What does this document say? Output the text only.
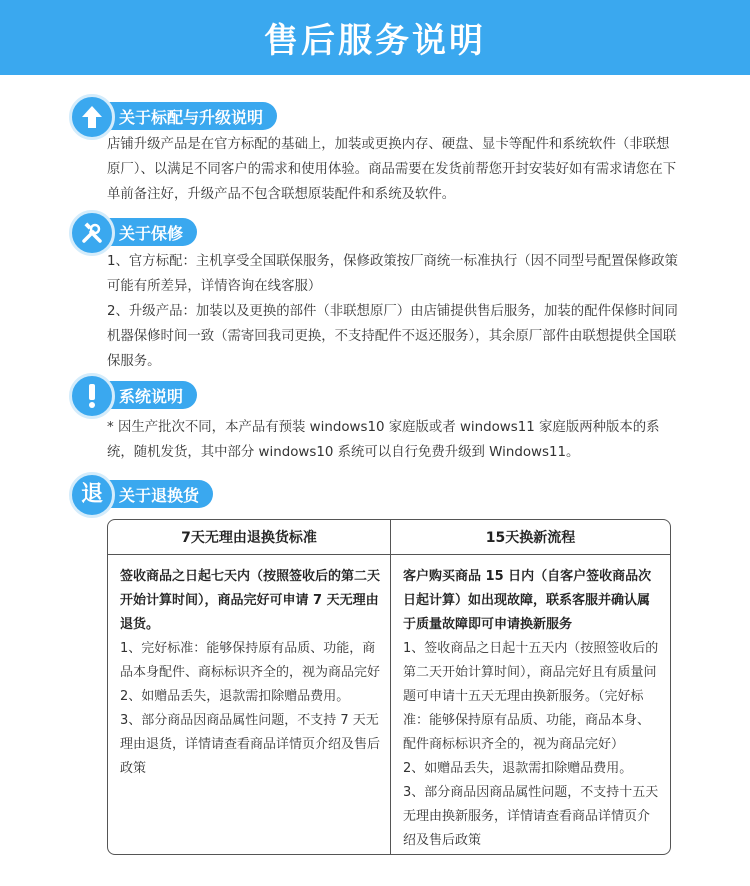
售后服务说明
关于标配与升级说明

店铺升级产品是在官方标配的基础上，加装或更换内存、硬盘、显卡等配件和系统软件（非联想原厂）、以满足不同客户的需求和使用体验。商品需要在发货前帮您开封安装好如有需求请您在下单前备注好，升级产品不包含联想原装配件和系统及软件。

关于保修

1、官方标配：主机享受全国联保服务，保修政策按厂商统一标准执行（因不同型号配置保修政策可能有所差异，详情咨询在线客服）

2、升级产品：加装以及更换的部件（非联想原厂）由店铺提供售后服务，加装的配件保修时间同机器保修时间一致（需寄回我司更换，不支持配件不返还服务），其余原厂部件由联想提供全国联保服务。

系统说明

* 因生产批次不同，本产品有预装 windows10 家庭版或者 windows11 家庭版两种版本的系统，随机发货，其中部分 windows10 系统可以自行免费升级到 Windows11。

退	关于退换货
7天无理由退换货标准

签收商品之日起七天内（按照签收后的第二天开始计算时间），商品完好可申请 7 天无理由退货。

1、完好标准：能够保持原有品质、功能，商品本身配件、商标标识齐全的，视为商品完好

2、如赠品丢失，退款需扣除赠品费用。

3、部分商品因商品属性问题，不支持 7 天无理由退货，详情请查看商品详情页介绍及售后政策

15天换新流程

客户购买商品 15 日内（自客户签收商品次日起计算）如出现故障，联系客服并确认属于质量故障即可申请换新服务

1、签收商品之日起十五天内（按照签收后的第二天开始计算时间），商品完好且有质量问题可申请十五天无理由换新服务。（完好标准：能够保持原有品质、功能，商品本身、配件商标标识齐全的，视为商品完好）

2、如赠品丢失，退款需扣除赠品费用。

3、部分商品因商品属性问题，不支持十五天无理由换新服务，详情请查看商品详情页介绍及售后政策
